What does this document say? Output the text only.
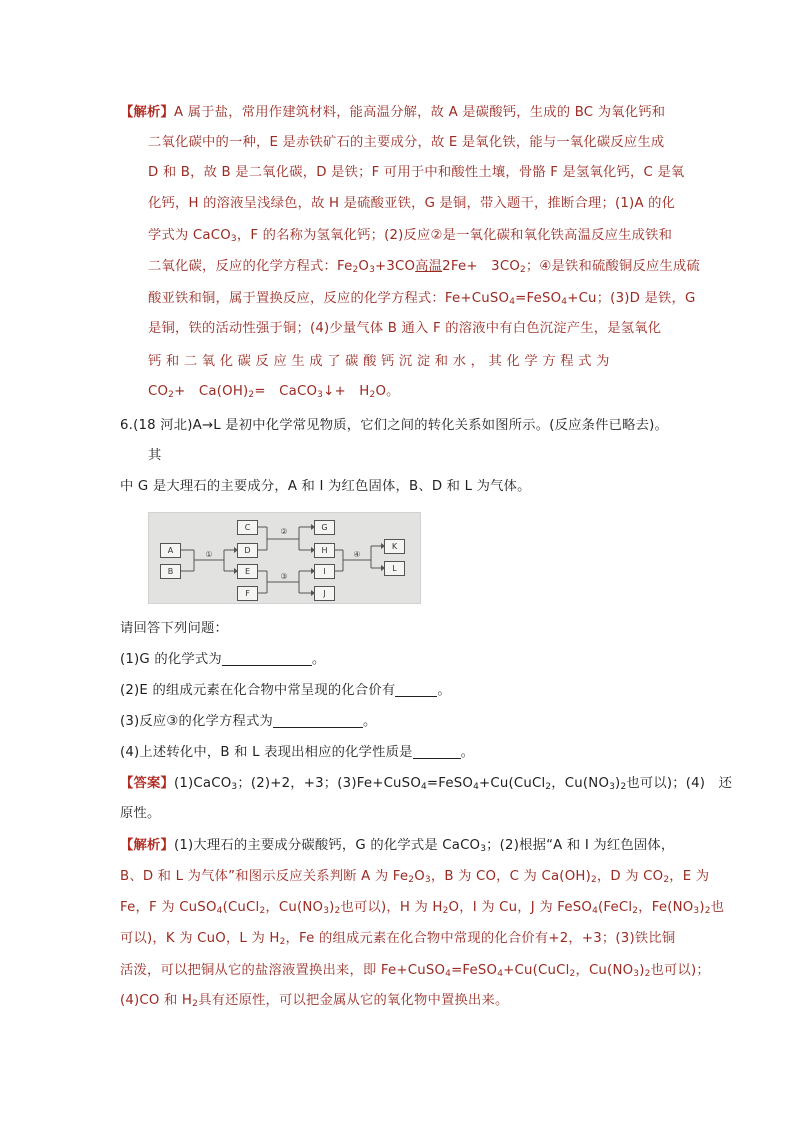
【解析】A 属于盐，常用作建筑材料，能高温分解，故 A 是碳酸钙，生成的 BC 为氧化钙和
二氧化碳中的一种，E 是赤铁矿石的主要成分，故 E 是氧化铁，能与一氧化碳反应生成
D 和 B，故 B 是二氧化碳，D 是铁；F 可用于中和酸性土壤，骨骼 F 是氢氧化钙，C 是氧
化钙，H 的溶液呈浅绿色，故 H 是硫酸亚铁，G 是铜，带入题干，推断合理；(1)A 的化
学式为 CaCO$_3$，F 的名称为氢氧化钙；(2)反应②是一氧化碳和氧化铁高温反应生成铁和
二氧化碳，反应的化学方程式：$Fe_2O_3+3CO$高温2Fe+　$3CO_2$；④是铁和硫酸铜反应生成硫
酸亚铁和铜，属于置换反应，反应的化学方程式：Fe+CuSO$_4$=FeSO$_4$+Cu；(3)D 是铁，G
是铜，铁的活动性强于铜；(4)少量气体 B 通入 F 的溶液中有白色沉淀产生，是氢氧化
钙 和 二 氧 化 碳 反 应 生 成 了 碳 酸 钙 沉 淀 和 水 ， 其 化 学 方 程 式 为
$CO_2+$　$Ca(OH)_2=$　CaCO$_3$↓+　$H_2O$。
6.(18 河北)A→L 是初中化学常见物质，它们之间的转化关系如图所示。(反应条件已略去)。
其
中 G 是大理石的主要成分，A 和 I 为红色固体，B、D 和 L 为气体。
A
B
C
D
E
F
G
H
I
J
K
L
①
②
③
④
请回答下列问题：
(1)G 的化学式为	。
(2)E 的组成元素在化合物中常呈现的化合价有	。
(3)反应③的化学方程式为	。
(4)上述转化中，B 和 L 表现出相应的化学性质是	。
【答案】(1)CaCO$_3$；(2)+2，+3；(3)Fe+CuSO$_4$=FeSO$_4$+Cu(CuCl$_2$，$Cu(NO_3)_2$也可以)；(4)　还
原性。
【解析】(1)大理石的主要成分碳酸钙，G 的化学式是 CaCO$_3$；(2)根据“A 和 I 为红色固体，
B、D 和 L 为气体”和图示反应关系判断 A 为 $Fe_2O_3$，B 为 CO，C 为 $Ca(OH)_2$，D 为 $CO_2$，E 为
Fe，F 为 CuSO$_4$(CuCl$_2$，$Cu(NO_3)_2$也可以)，H 为 $H_2O$，I 为 Cu，J 为 FeSO$_4$(FeCl$_2$，$Fe(NO_3)_2$也
可以)，K 为 CuO，L 为 $H_2$，Fe 的组成元素在化合物中常现的化合价有+2，+3；(3)铁比铜
活泼，可以把铜从它的盐溶液置换出来，即 Fe+CuSO$_4$=FeSO$_4$+Cu(CuCl$_2$，$Cu(NO_3)_2$也可以)；
(4)CO 和 $H_2$具有还原性，可以把金属从它的氧化物中置换出来。
